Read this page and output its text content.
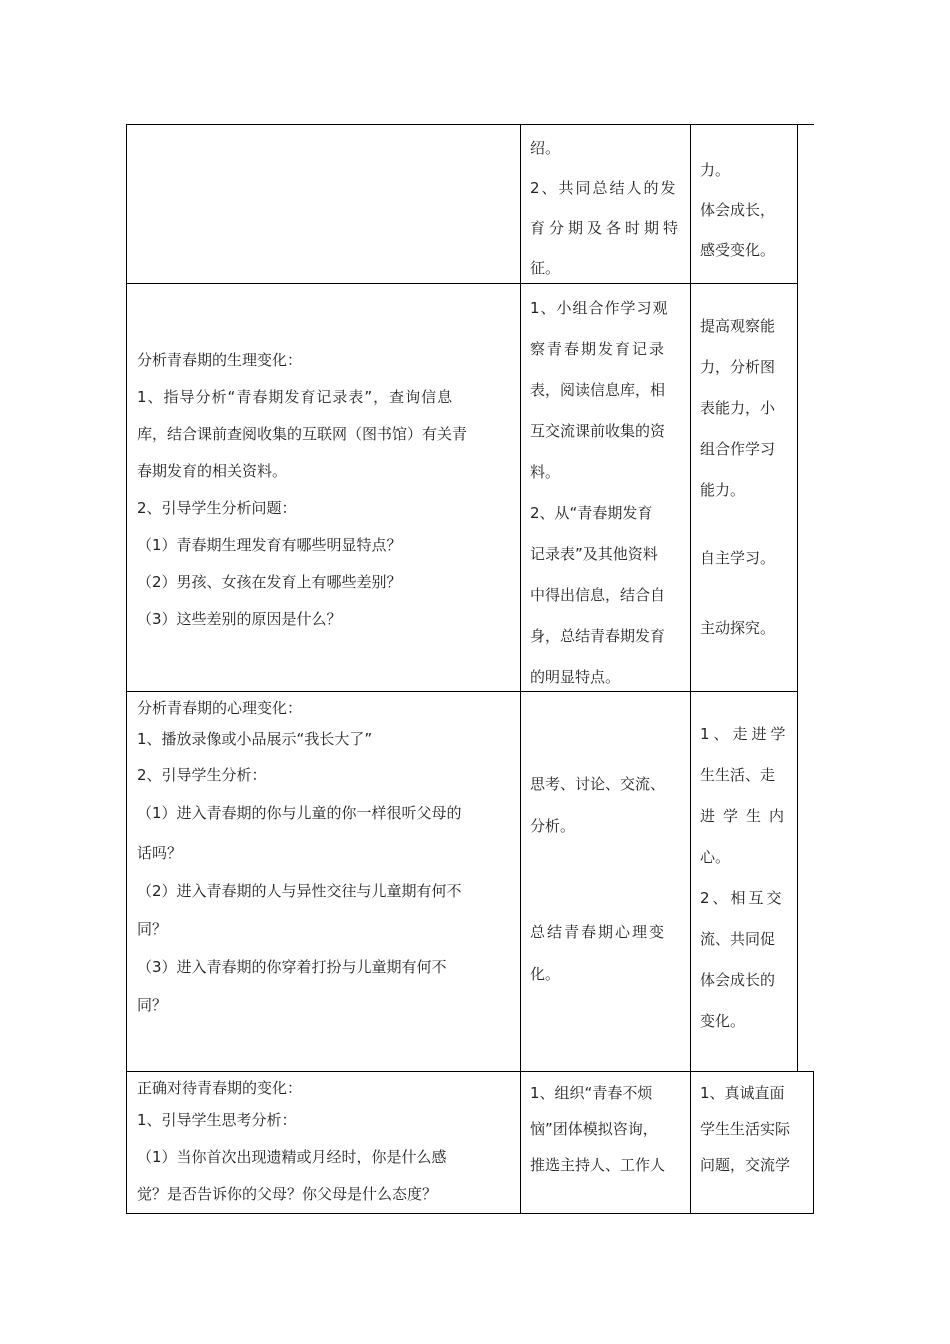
绍。

2、共同总结人的发

育分期及各时期特

征。

力。

体会成长，

感受变化。

分析青春期的生理变化：

1、指导分析“青春期发育记录表”，查询信息

库，结合课前查阅收集的互联网（图书馆）有关青

春期发育的相关资料。

2、引导学生分析问题：

（1）青春期生理发育有哪些明显特点？

（2）男孩、女孩在发育上有哪些差别？

（3）这些差别的原因是什么？

1、小组合作学习观

察青春期发育记录

表，阅读信息库，相

互交流课前收集的资

料。

2、从“青春期发育

记录表”及其他资料

中得出信息，结合自

身，总结青春期发育

的明显特点。

提高观察能

力，分析图

表能力，小

组合作学习

能力。

自主学习。

主动探究。

分析青春期的心理变化：

1、播放录像或小品展示“我长大了”

2、引导学生分析：

（1）进入青春期的你与儿童的你一样很听父母的

话吗？

（2）进入青春期的人与异性交往与儿童期有何不

同？

（3）进入青春期的你穿着打扮与儿童期有何不

同？

思考、讨论、交流、

分析。

总结青春期心理变

化。

1、走进学

生生活、走

进学生内

心。

2、相互交

流、共同促

体会成长的

变化。

正确对待青春期的变化：

1、引导学生思考分析：

（1）当你首次出现遗精或月经时，你是什么感

觉？是否告诉你的父母？你父母是什么态度？

1、组织“青春不烦

恼”团体模拟咨询，

推选主持人、工作人

1、真诚直面

学生生活实际

问题，交流学
